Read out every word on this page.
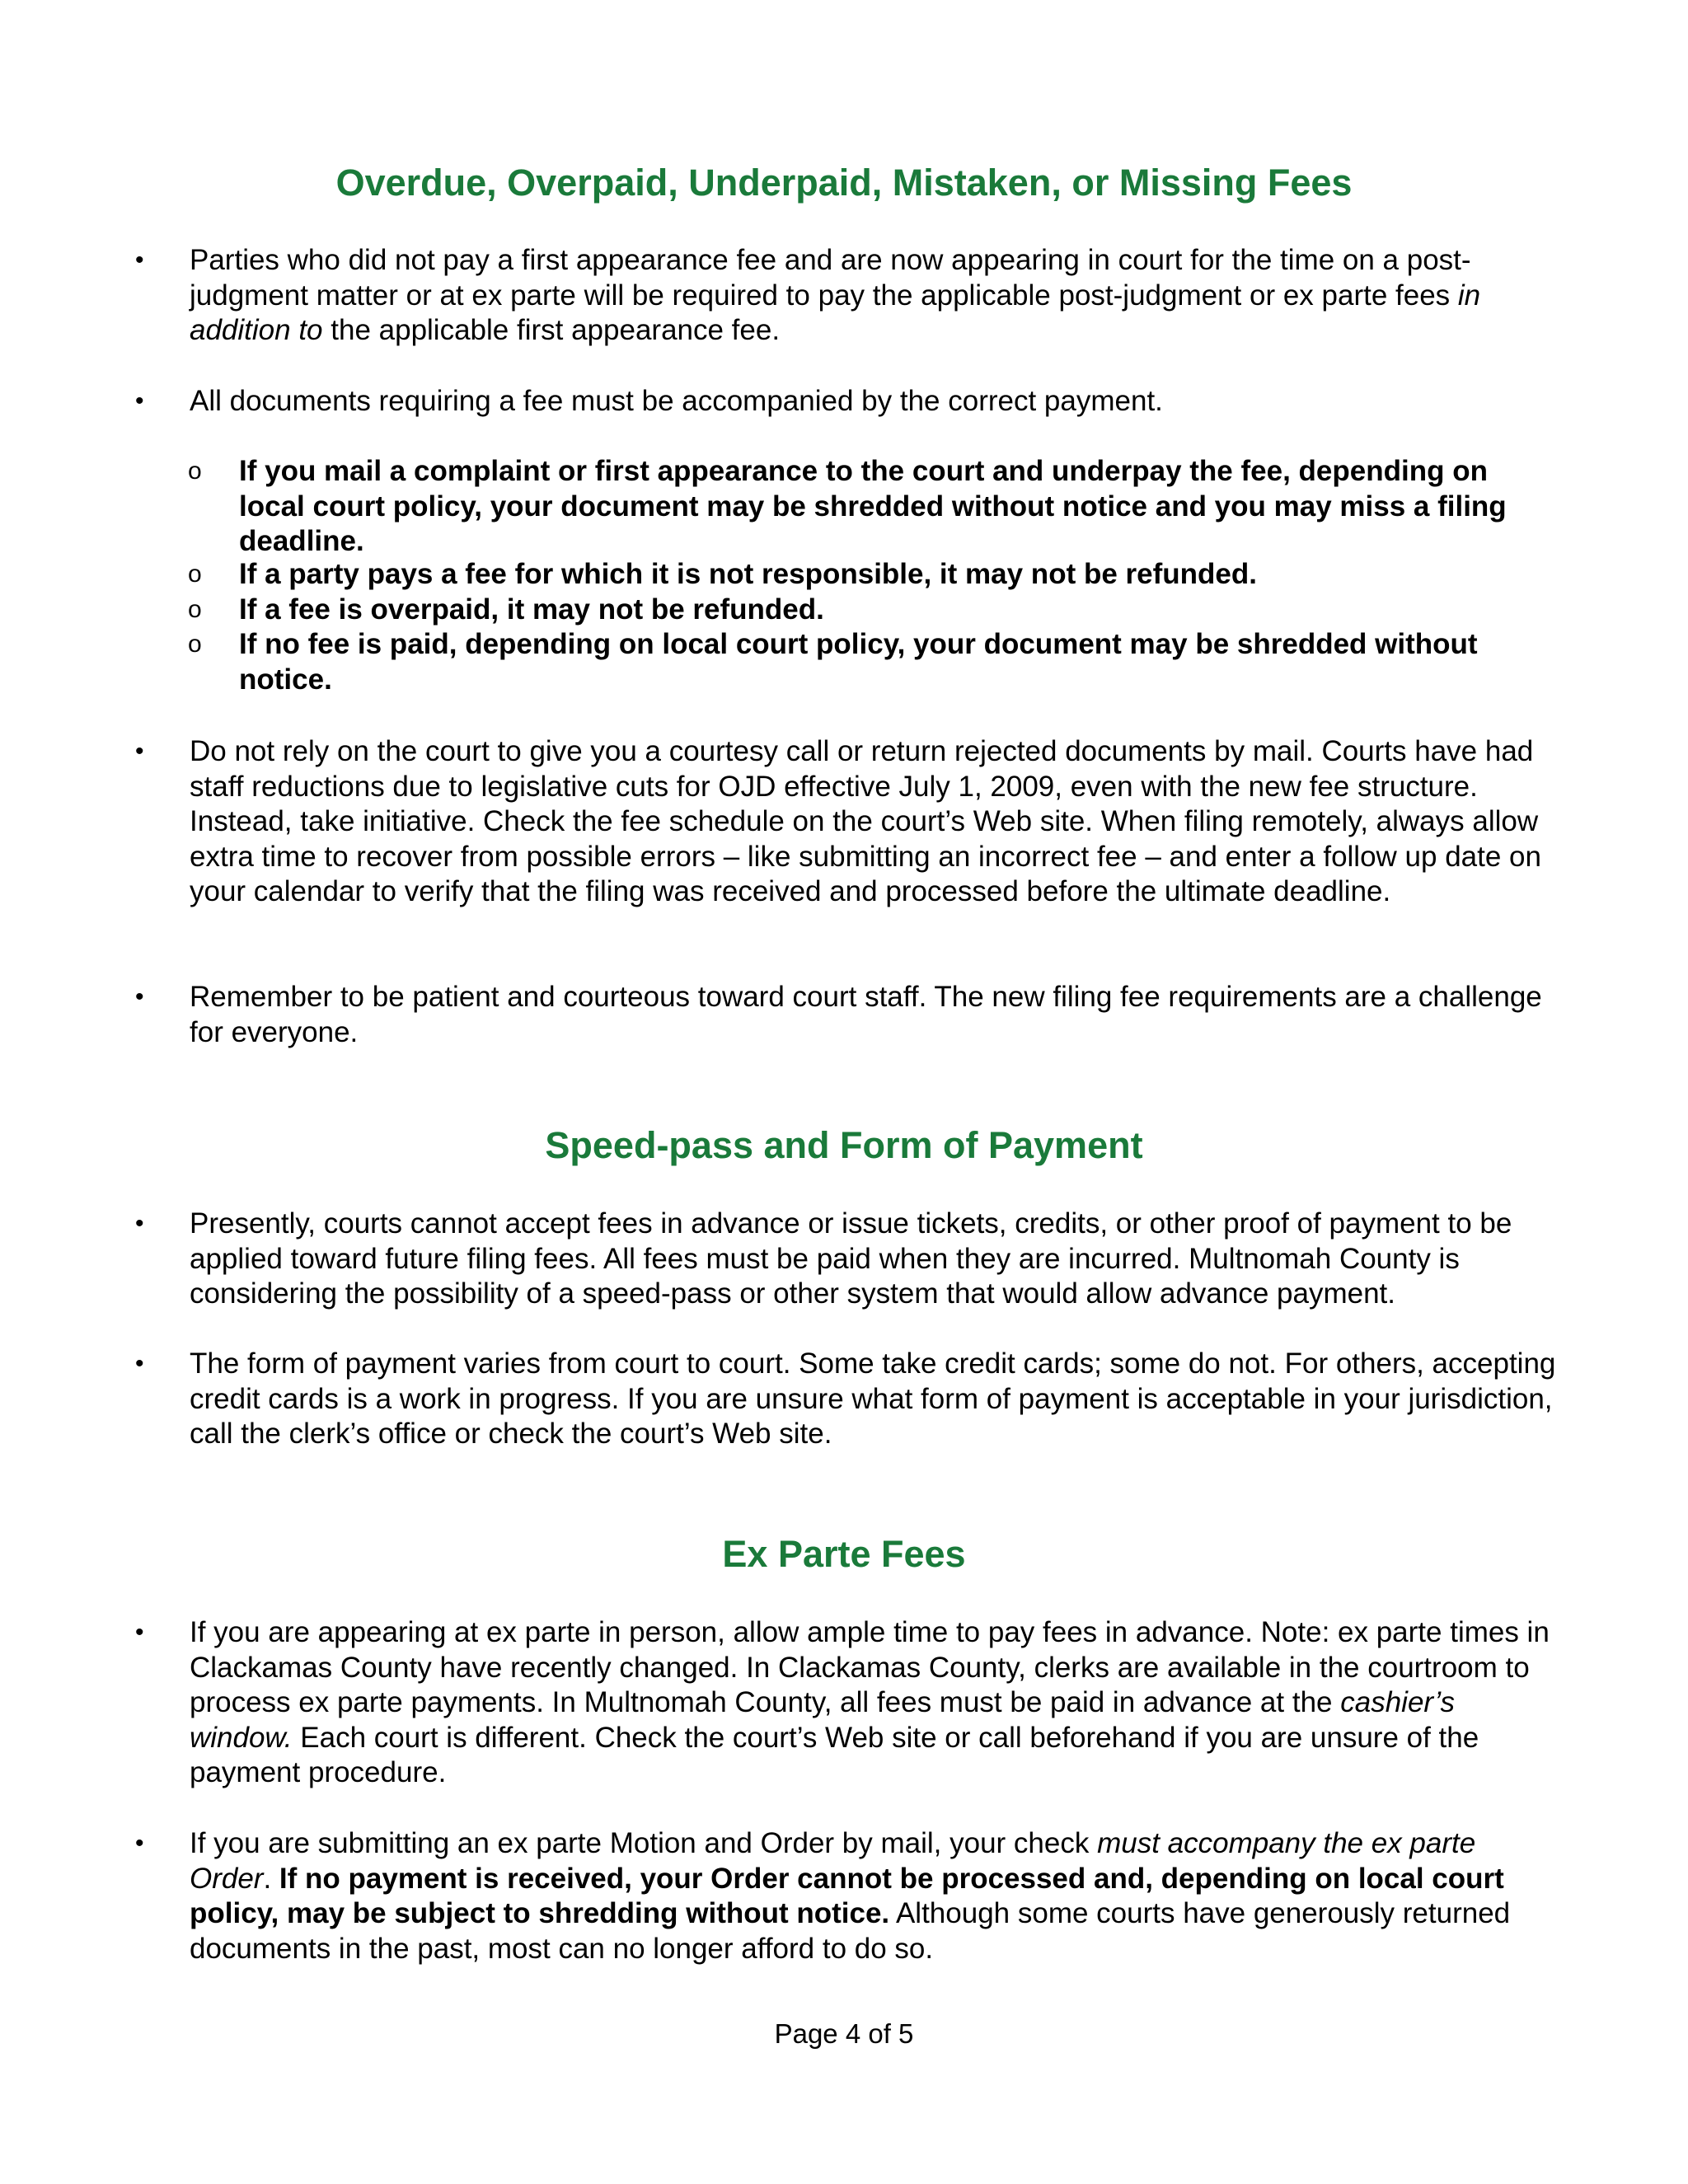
Overdue, Overpaid, Underpaid, Mistaken, or Missing Fees
•	Parties who did not pay a first appearance fee and are now appearing in court for the time on a post-judgment matter or at ex parte will be required to pay the applicable post-judgment or ex parte fees in addition to the applicable first appearance fee.
•	All documents requiring a fee must be accompanied by the correct payment.
o If you mail a complaint or first appearance to the court and underpay the fee, depending on local court policy, your document may be shredded without notice and you may miss a filing deadline.
o If a party pays a fee for which it is not responsible, it may not be refunded.
o If a fee is overpaid, it may not be refunded.
o If no fee is paid, depending on local court policy, your document may be shredded without notice.
•	Do not rely on the court to give you a courtesy call or return rejected documents by mail. Courts have had staff reductions due to legislative cuts for OJD effective July 1, 2009, even with the new fee structure. Instead, take initiative. Check the fee schedule on the court’s Web site. When filing remotely, always allow extra time to recover from possible errors – like submitting an incorrect fee – and enter a follow up date on your calendar to verify that the filing was received and processed before the ultimate deadline.
•	Remember to be patient and courteous toward court staff. The new filing fee requirements are a challenge for everyone.
Speed-pass and Form of Payment
•	Presently, courts cannot accept fees in advance or issue tickets, credits, or other proof of payment to be applied toward future filing fees. All fees must be paid when they are incurred. Multnomah County is considering the possibility of a speed-pass or other system that would allow advance payment.
•	The form of payment varies from court to court. Some take credit cards; some do not. For others, accepting credit cards is a work in progress. If you are unsure what form of payment is acceptable in your jurisdiction, call the clerk’s office or check the court’s Web site.
Ex Parte Fees
•	If you are appearing at ex parte in person, allow ample time to pay fees in advance. Note: ex parte times in Clackamas County have recently changed. In Clackamas County, clerks are available in the courtroom to process ex parte payments. In Multnomah County, all fees must be paid in advance at the cashier’s window. Each court is different. Check the court’s Web site or call beforehand if you are unsure of the payment procedure.
•	If you are submitting an ex parte Motion and Order by mail, your check must accompany the ex parte Order. If no payment is received, your Order cannot be processed and, depending on local court policy, may be subject to shredding without notice. Although some courts have generously returned documents in the past, most can no longer afford to do so.
Page 4 of 5
